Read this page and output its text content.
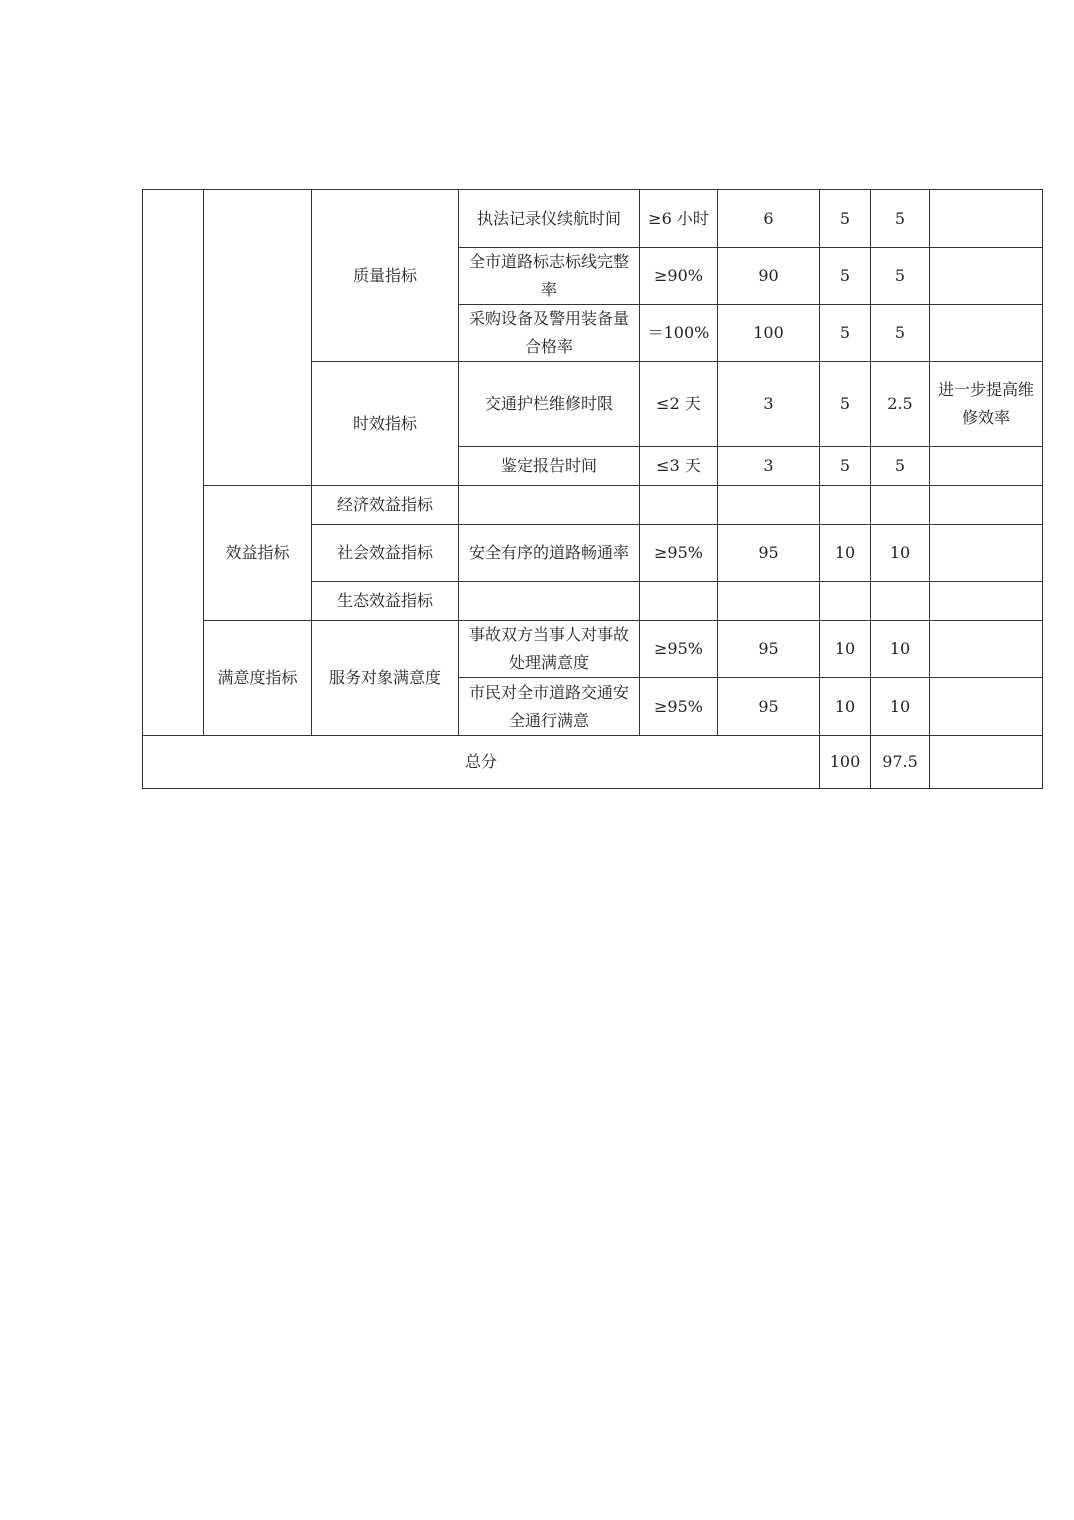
		质量指标	执法记录仪续航时间	≥6 小时	6	5	5	
			全市道路标志标线完整率	≥90%	90	5	5	
			采购设备及警用装备量合格率	＝100%	100	5	5	
		时效指标	交通护栏维修时限	≤2 天	3	5	2.5	进一步提高维修效率
			鉴定报告时间	≤3 天	3	5	5	
	效益指标	经济效益指标						
		社会效益指标	安全有序的道路畅通率	≥95%	95	10	10	
		生态效益指标						
	满意度指标	服务对象满意度	事故双方当事人对事故处理满意度	≥95%	95	10	10	
			市民对全市道路交通安全通行满意	≥95%	95	10	10	
总分						100	97.5	
